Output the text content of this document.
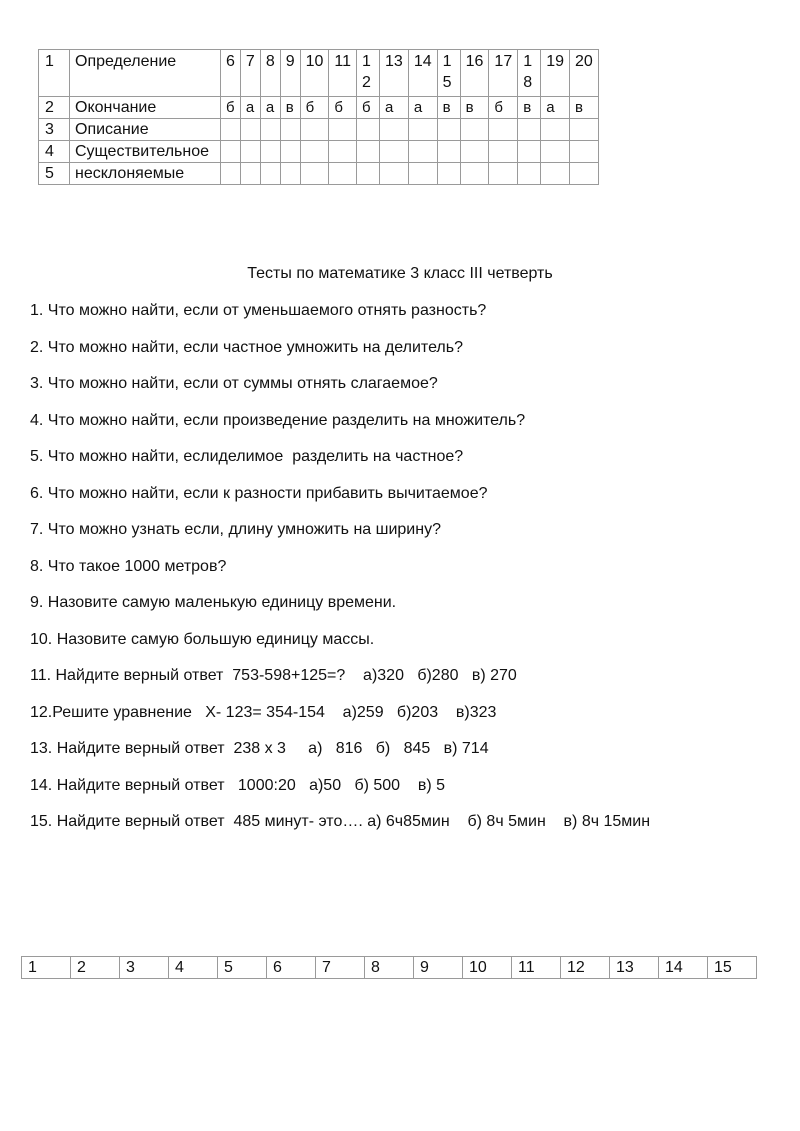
1	Определение	6	7	8	9	10	11	12	13	14	15	16	17	18	19	20
2	Окончание	б	а	а	в	б	б	б	а	а	в	в	б	в	а	в
3	Описание															
4	Существительное															
5	несклоняемые															
Тесты по математике 3 класс III четверть
1. Что можно найти, если от уменьшаемого отнять разность?
2. Что можно найти, если частное умножить на делитель?
3. Что можно найти, если от суммы отнять слагаемое?
4. Что можно найти, если произведение разделить на множитель?
5. Что можно найти, еслиделимое  разделить на частное?
6. Что можно найти, если к разности прибавить вычитаемое?
7. Что можно узнать если, длину умножить на ширину?
8. Что такое 1000 метров?
9. Назовите самую маленькую единицу времени.
10. Назовите самую большую единицу массы.
11. Найдите верный ответ  753-598+125=?    а)320   б)280   в) 270
12.Решите уравнение   Х- 123= 354-154    а)259   б)203    в)323
13. Найдите верный ответ  238 х 3     а)   816   б)   845   в) 714
14. Найдите верный ответ   1000:20   а)50   б) 500    в) 5
15. Найдите верный ответ  485 минут- это…. а) 6ч85мин    б) 8ч 5мин    в) 8ч 15мин
1	2	3	4	5	6	7	8	9	10	11	12	13	14	15
